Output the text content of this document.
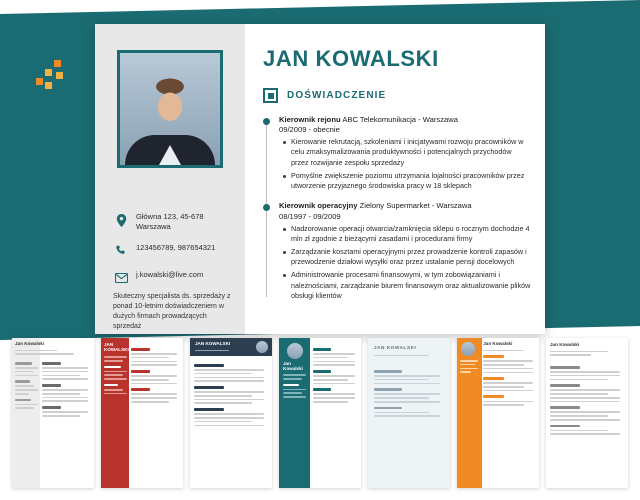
Główna 123, 45-678 Warszawa
123456789, 987654321
j.kowalski@live.com
Skuteczny specjalista ds. sprzedaży z ponad 10-letnim doświadczeniem w dużych firmach prowadzących sprzedaż
JAN KOWALSKI
DOŚWIADCZENIE
Kierownik rejonu ABC Telekomunikacja - Warszawa
09/2009 - obecnie
Kierowanie rekrutacją, szkoleniami i inicjatywami rozwoju pracowników w celu zmaksymalizowania produktywności i potencjalnych przychodów przez rozwijanie zespołu sprzedaży
Pomyślne zwiększenie poziomu utrzymania lojalności pracowników przez utworzenie przyjaznego środowiska pracy w 18 sklepach
Kierownik operacyjny Zielony Supermarket - Warszawa
08/1997 - 09/2009
Nadzorowanie operacji otwarcia/zamknięcia sklepu o rocznym dochodzie 4 mln zł zgodnie z bieżącymi zasadami i procedurami firmy
Zarządzanie kosztami operacyjnymi przez prowadzenie kontroli zapasów i przewodzenie działowi wysyłki oraz przez ustalanie pensji docelowych
Administrowanie procesami finansowymi, w tym zobowiązaniami i należnościami, zarządzanie biurem finansowym oraz aktualizowanie plików obsługi klientów
Jan Kowalski	JAN KOWALSKI
JAN KOWALSKI
Jan Kowalski
JAN KOWALSKI
Jan Kowalski	Jan Kowalski
